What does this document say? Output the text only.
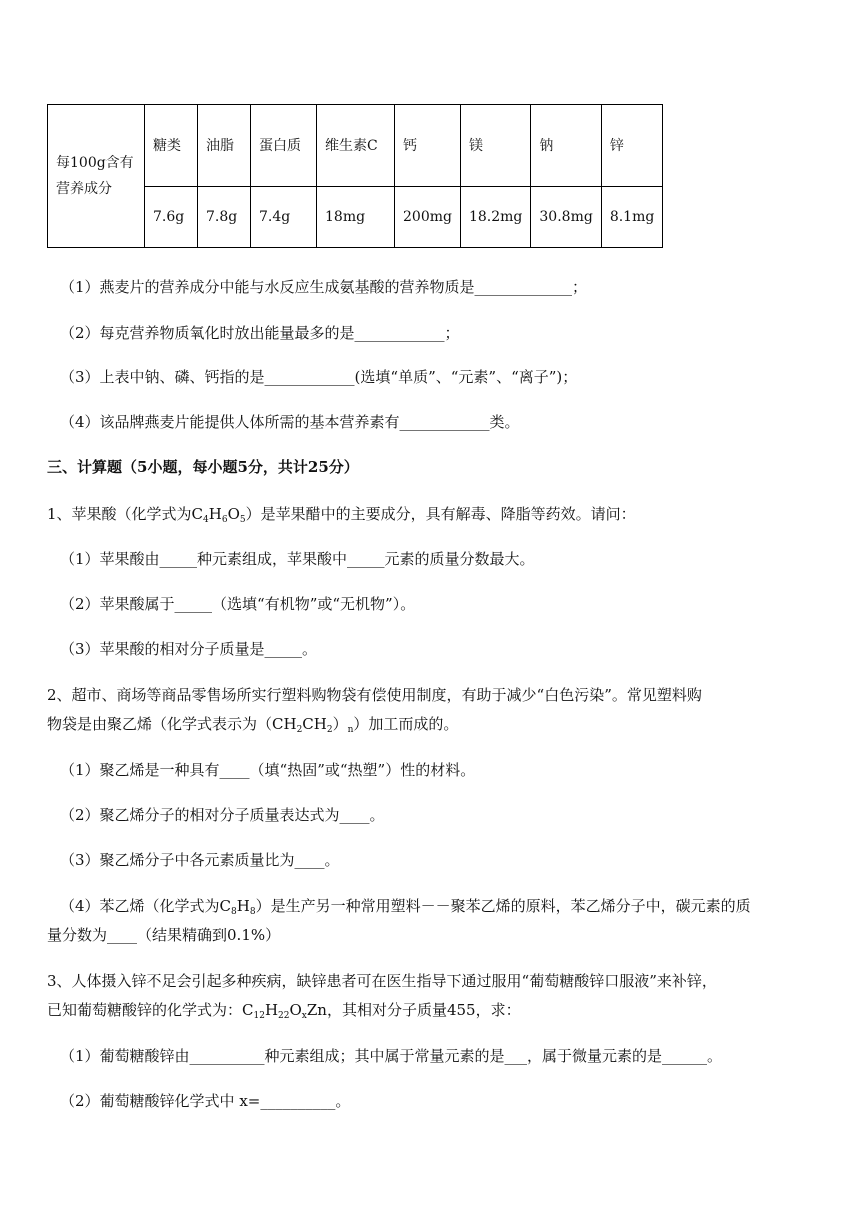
每100g含有营养成分	糖类	油脂	蛋白质	维生素C	钙	镁	钠	锌
	7.6g	7.8g	7.4g	18mg	200mg	18.2mg	30.8mg	8.1mg
（1）燕麦片的营养成分中能与水反应生成氨基酸的营养物质是_____________；
（2）每克营养物质氧化时放出能量最多的是____________；
（3）上表中钠、磷、钙指的是____________(选填“单质”、“元素”、“离子”)；
（4）该品牌燕麦片能提供人体所需的基本营养素有____________类。
三、计算题（5小题，每小题5分，共计25分）
1、苹果酸（化学式为$C_4H_6O_5$）是苹果醋中的主要成分，具有解毒、降脂等药效。请问：
（1）苹果酸由_____种元素组成，苹果酸中_____元素的质量分数最大。
（2）苹果酸属于_____（选填“有机物”或“无机物”）。
（3）苹果酸的相对分子质量是_____。
2、超市、商场等商品零售场所实行塑料购物袋有偿使用制度，有助于减少“白色污染”。常见塑料购
物袋是由聚乙烯（化学式表示为$(CH_2CH_2)_n$）加工而成的。
（1）聚乙烯是一种具有____（填“热固”或“热塑”）性的材料。
（2）聚乙烯分子的相对分子质量表达式为____。
（3）聚乙烯分子中各元素质量比为____。
（4）苯乙烯（化学式为$C_8H_8$）是生产另一种常用塑料－－聚苯乙烯的原料，苯乙烯分子中，碳元素的质
量分数为____（结果精确到0.1%）
3、人体摄入锌不足会引起多种疾病，缺锌患者可在医生指导下通过服用“葡萄糖酸锌口服液”来补锌，
已知葡萄糖酸锌的化学式为：$C_{12}H_{22}O_xZn$，其相对分子质量455，求：
（1）葡萄糖酸锌由__________种元素组成；其中属于常量元素的是___，属于微量元素的是______。
（2）葡萄糖酸锌化学式中 x=__________。
